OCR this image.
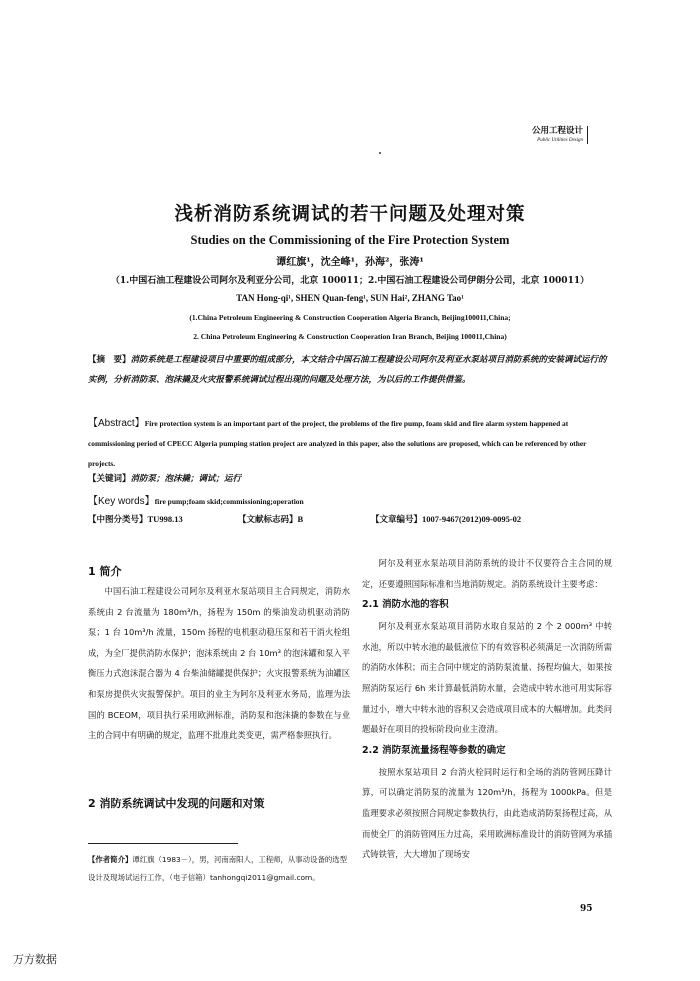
公用工程设计
Public Utilities Design
浅析消防系统调试的若干问题及处理对策
Studies on the Commissioning of the Fire Protection System
谭红旗¹，沈全峰¹，孙海²，张涛¹
（1.中国石油工程建设公司阿尔及利亚分公司，北京 100011；2.中国石油工程建设公司伊朗分公司，北京 100011）
TAN Hong-qi¹, SHEN Quan-feng¹, SUN Hai², ZHANG Tao¹
(1.China Petroleum Engineering & Construction Cooperation Algeria Branch, Beijing100011,China;
2. China Petroleum Engineering & Construction Cooperation Iran Branch, Beijing 100011,China)
【摘　要】消防系统是工程建设项目中重要的组成部分，本文结合中国石油工程建设公司阿尔及利亚水泵站项目消防系统的安装调试运行的实例，分析消防泵、泡沫撬及火灾报警系统调试过程出现的问题及处理方法，为以后的工作提供借鉴。
【Abstract】Fire protection system is an important part of the project, the problems of the fire pump, foam skid and fire alarm system happened at commissioning period of CPECC Algeria pumping station project are analyzed in this paper, also the solutions are proposed, which can be referenced by other projects.
【关键词】消防泵；泡沫撬；调试；运行
【Key words】fire pump;foam skid;commissioning;operation
【中图分类号】TU998.13	【文献标志码】B	【文章编号】1007-9467(2012)09-0095-02
1 简介

中国石油工程建设公司阿尔及利亚水泵站项目主合同规定，消防水系统由 2 台流量为 180m³/h，扬程为 150m 的柴油发动机驱动消防泵；1 台 10m³/h 流量，150m 扬程的电机驱动稳压泵和若干消火栓组成，为全厂提供消防水保护；泡沫系统由 2 台 10m³ 的泡沫罐和泵入平衡压力式泡沫混合器为 4 台柴油储罐提供保护；火灾报警系统为油罐区和泵房提供火灾报警保护。项目的业主为阿尔及利亚水务局，监理为法国的 BCEOM，项目执行采用欧洲标准，消防泵和泡沫撬的参数在与业主的合同中有明确的规定，监理不批准此类变更，需严格参照执行。

2 消防系统调试中发现的问题和对策
【作者简介】谭红旗（1983－），男，河南南阳人，工程师，从事动设备的选型设计及现场试运行工作，（电子信箱）tanhongqi2011@gmail.com。

阿尔及利亚水泵站项目消防系统的设计不仅要符合主合同的规定，还要遵照国际标准和当地消防规定。消防系统设计主要考虑：

2.1 消防水池的容积

阿尔及利亚水泵站项目消防水取自泵站的 2 个 2 000m³ 中转水池，所以中转水池的最低液位下的有效容积必须满足一次消防所需的消防水体积；而主合同中规定的消防泵流量、扬程均偏大，如果按照消防泵运行 6h 来计算最低消防水量，会造成中转水池可用实际容量过小，增大中转水池的容积又会造成项目成本的大幅增加。此类问题最好在项目的投标阶段向业主澄清。

2.2 消防泵流量扬程等参数的确定

按照水泵站项目 2 台消火栓同时运行和全场的消防管网压降计算，可以确定消防泵的流量为 120m³/h，扬程为 1000kPa。但是监理要求必须按照合同规定参数执行，由此造成消防泵扬程过高，从而使全厂的消防管网压力过高，采用欧洲标准设计的消防管网为承插式铸铁管，大大增加了现场安

95
万方数据
